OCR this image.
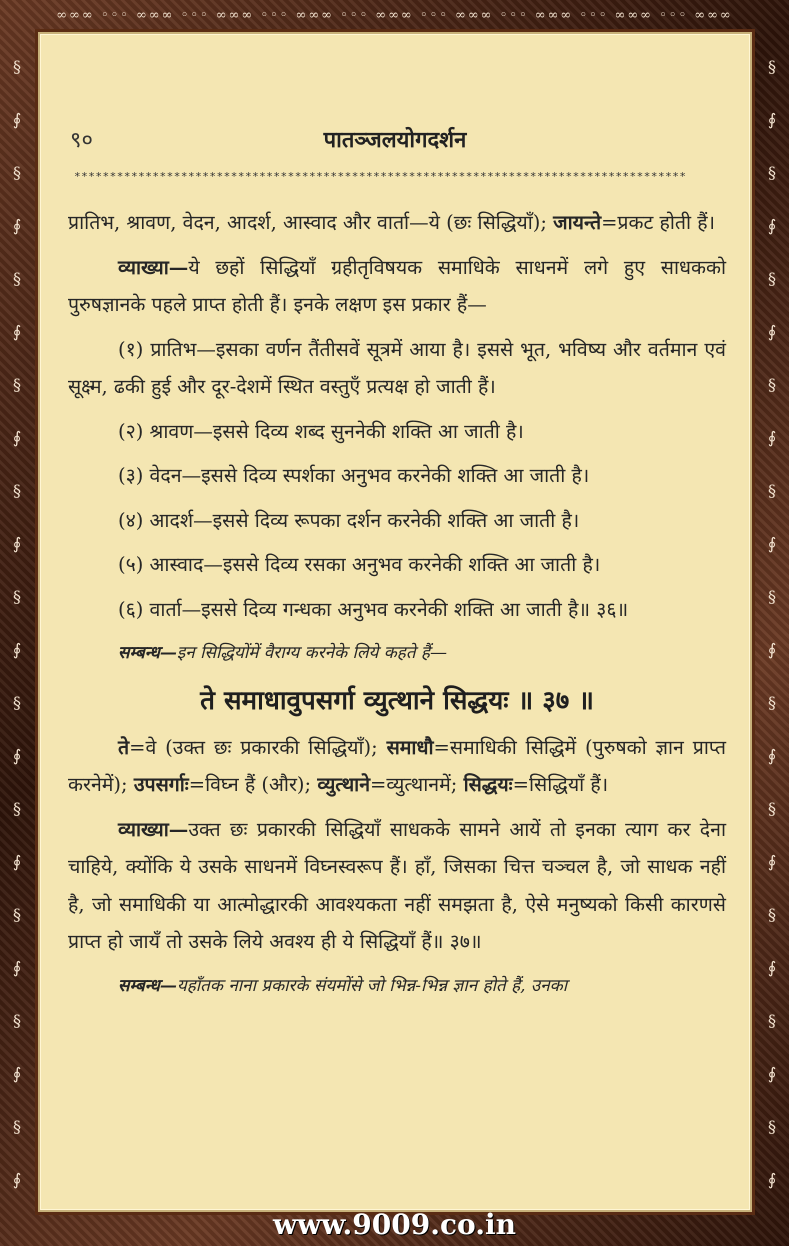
∞∞∞ ◦◦◦ ∞∞∞ ◦◦◦ ∞∞∞ ◦◦◦ ∞∞∞ ◦◦◦ ∞∞∞ ◦◦◦ ∞∞∞ ◦◦◦ ∞∞∞ ◦◦◦ ∞∞∞ ◦◦◦ ∞∞∞
§
∮
§
∮
§
∮
§
∮
§
∮
§
∮
§
∮
§
∮
§
∮
§
∮
§
∮
§
∮
§
∮
§
∮
§
∮
§
∮
§
∮
§
∮
§
∮
§
∮
§
∮
§
∮
९०	पातञ्जलयोगदर्शन
**************************************************************************************

प्रातिभ, श्रावण, वेदन, आदर्श, आस्वाद और वार्ता—ये (छः सिद्धियाँ); जायन्ते=प्रकट होती हैं।

व्याख्या—ये छहों सिद्धियाँ ग्रहीतृविषयक समाधिके साधनमें लगे हुए साधकको पुरुषज्ञानके पहले प्राप्त होती हैं। इनके लक्षण इस प्रकार हैं—

(१) प्रातिभ—इसका वर्णन तैंतीसवें सूत्रमें आया है। इससे भूत, भविष्य और वर्तमान एवं सूक्ष्म, ढकी हुई और दूर-देशमें स्थित वस्तुएँ प्रत्यक्ष हो जाती हैं।

(२) श्रावण—इससे दिव्य शब्द सुननेकी शक्ति आ जाती है।

(३) वेदन—इससे दिव्य स्पर्शका अनुभव करनेकी शक्ति आ जाती है।

(४) आदर्श—इससे दिव्य रूपका दर्शन करनेकी शक्ति आ जाती है।

(५) आस्वाद—इससे दिव्य रसका अनुभव करनेकी शक्ति आ जाती है।

(६) वार्ता—इससे दिव्य गन्धका अनुभव करनेकी शक्ति आ जाती है॥ ३६॥

सम्बन्ध—इन सिद्धियोंमें वैराग्य करनेके लिये कहते हैं—

ते समाधावुपसर्गा व्युत्थाने सिद्धयः ॥ ३७ ॥

ते=वे (उक्त छः प्रकारकी सिद्धियाँ); समाधौ=समाधिकी सिद्धिमें (पुरुषको ज्ञान प्राप्त करनेमें); उपसर्गाः=विघ्न हैं (और); व्युत्थाने=व्युत्थानमें; सिद्धयः=सिद्धियाँ हैं।

व्याख्या—उक्त छः प्रकारकी सिद्धियाँ साधकके सामने आयें तो इनका त्याग कर देना चाहिये, क्योंकि ये उसके साधनमें विघ्नस्वरूप हैं। हाँ, जिसका चित्त चञ्चल है, जो साधक नहीं है, जो समाधिकी या आत्मोद्धारकी आवश्यकता नहीं समझता है, ऐसे मनुष्यको किसी कारणसे प्राप्त हो जायँ तो उसके लिये अवश्य ही ये सिद्धियाँ हैं॥ ३७॥

सम्बन्ध—यहाँतक नाना प्रकारके संयमोंसे जो भिन्न-भिन्न ज्ञान होते हैं, उनका

www.9009.co.in
